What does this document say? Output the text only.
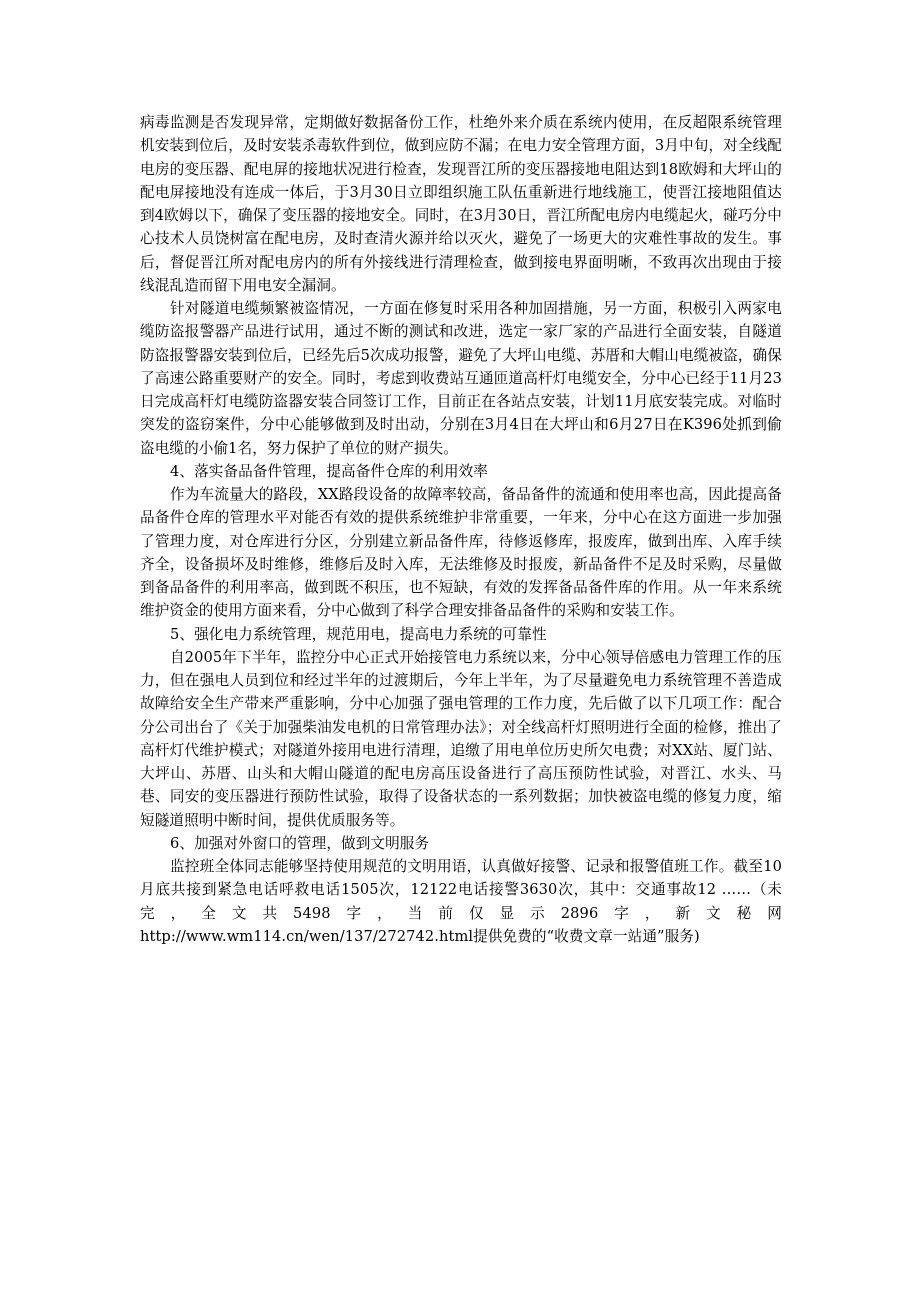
病毒监测是否发现异常，定期做好数据备份工作，杜绝外来介质在系统内使用，在反超限系统管理机安装到位后，及时安装杀毒软件到位，做到应防不漏；在电力安全管理方面，3月中旬，对全线配电房的变压器、配电屏的接地状况进行检查，发现晋江所的变压器接地电阻达到18欧姆和大坪山的配电屏接地没有连成一体后，于3月30日立即组织施工队伍重新进行地线施工，使晋江接地阻值达到4欧姆以下，确保了变压器的接地安全。同时，在3月30日，晋江所配电房内电缆起火，碰巧分中心技术人员饶树富在配电房，及时查清火源并给以灭火，避免了一场更大的灾难性事故的发生。事后，督促晋江所对配电房内的所有外接线进行清理检查，做到接电界面明晰，不致再次出现由于接线混乱造而留下用电安全漏洞。

针对隧道电缆频繁被盗情况，一方面在修复时采用各种加固措施，另一方面，积极引入两家电缆防盗报警器产品进行试用，通过不断的测试和改进，选定一家厂家的产品进行全面安装，自隧道防盗报警器安装到位后，已经先后5次成功报警，避免了大坪山电缆、苏厝和大帽山电缆被盗，确保了高速公路重要财产的安全。同时，考虑到收费站互通匝道高杆灯电缆安全，分中心已经于11月23日完成高杆灯电缆防盗器安装合同签订工作，目前正在各站点安装，计划11月底安装完成。对临时突发的盗窃案件，分中心能够做到及时出动，分别在3月4日在大坪山和6月27日在K396处抓到偷盗电缆的小偷1名，努力保护了单位的财产损失。

4、落实备品备件管理，提高备件仓库的利用效率

作为车流量大的路段，XX路段设备的故障率较高，备品备件的流通和使用率也高，因此提高备品备件仓库的管理水平对能否有效的提供系统维护非常重要，一年来，分中心在这方面进一步加强了管理力度，对仓库进行分区，分别建立新品备件库，待修返修库，报废库，做到出库、入库手续齐全，设备损坏及时维修，维修后及时入库，无法维修及时报废，新品备件不足及时采购，尽量做到备品备件的利用率高，做到既不积压，也不短缺，有效的发挥备品备件库的作用。从一年来系统维护资金的使用方面来看，分中心做到了科学合理安排备品备件的采购和安装工作。

5、强化电力系统管理，规范用电，提高电力系统的可靠性

自2005年下半年，监控分中心正式开始接管电力系统以来，分中心领导倍感电力管理工作的压力，但在强电人员到位和经过半年的过渡期后，今年上半年，为了尽量避免电力系统管理不善造成故障给安全生产带来严重影响，分中心加强了强电管理的工作力度，先后做了以下几项工作：配合分公司出台了《关于加强柴油发电机的日常管理办法》；对全线高杆灯照明进行全面的检修，推出了高杆灯代维护模式；对隧道外接用电进行清理，追缴了用电单位历史所欠电费；对XX站、厦门站、大坪山、苏厝、山头和大帽山隧道的配电房高压设备进行了高压预防性试验，对晋江、水头、马巷、同安的变压器进行预防性试验，取得了设备状态的一系列数据；加快被盗电缆的修复力度，缩短隧道照明中断时间，提供优质服务等。

6、加强对外窗口的管理，做到文明服务

监控班全体同志能够坚持使用规范的文明用语，认真做好接警、记录和报警值班工作。截至10月底共接到紧急电话呼救电话1505次，12122电话接警3630次，其中：交通事故12 ……（未完，全文共5498字，当前仅显示2896字，新文秘网http://www.wm114.cn/wen/137/272742.html提供免费的“收费文章一站通”服务)
